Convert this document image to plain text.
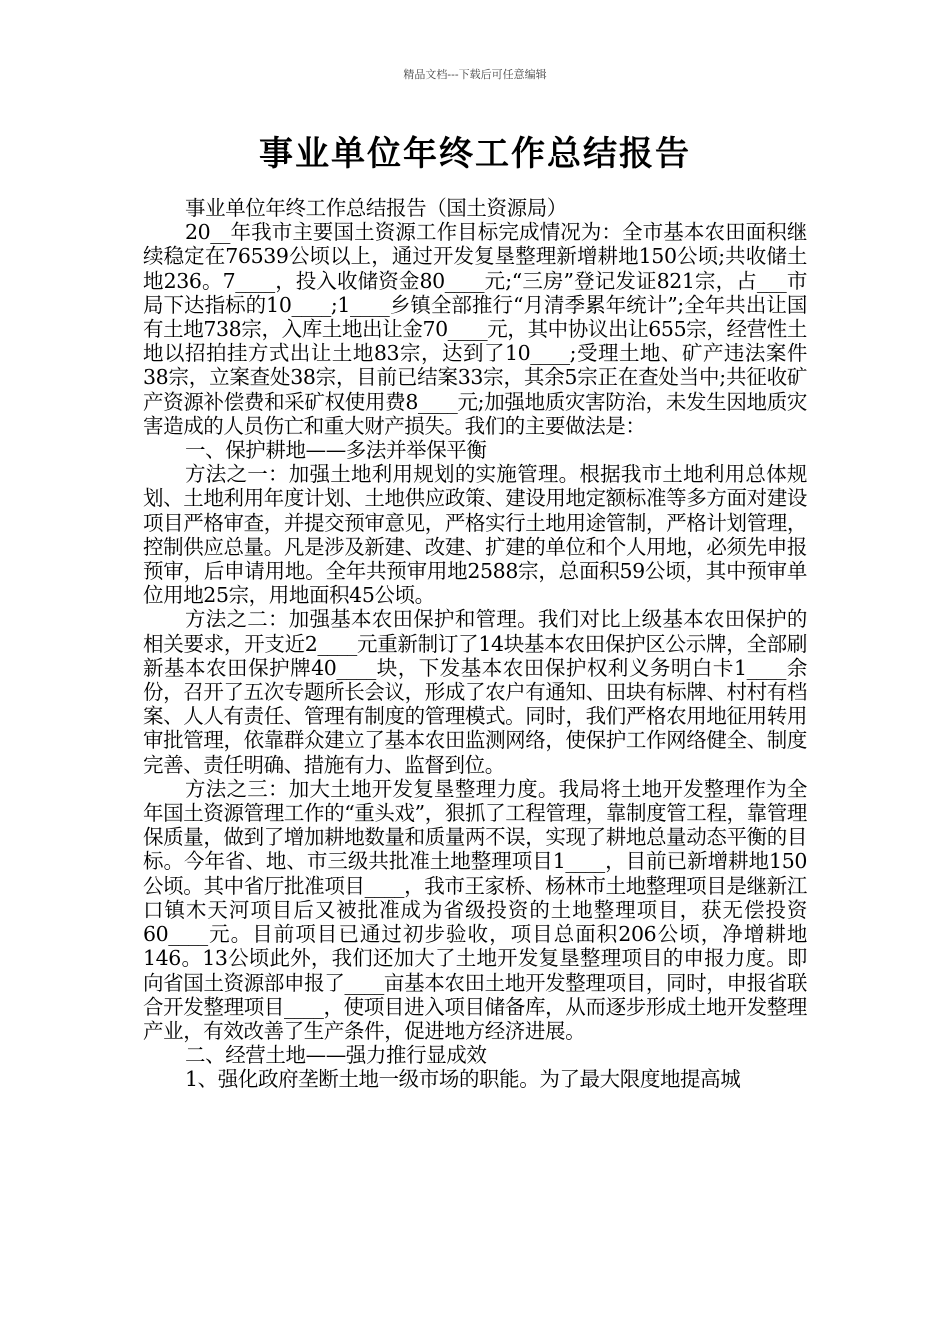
精品文档---下载后可任意编辑
事业单位年终工作总结报告

事业单位年终工作总结报告（国土资源局）

20__年我市主要国土资源工作目标完成情况为：全市基本农田面积继续稳定在76539公顷以上，通过开发复垦整理新增耕地150公顷;共收储土地236。7____，投入收储资金80____元;“三房”登记发证821宗，占___市局下达指标的10____;1____乡镇全部推行“月清季累年统计”;全年共出让国有土地738宗，入库土地出让金70____元，其中协议出让655宗，经营性土地以招拍挂方式出让土地83宗，达到了10____;受理土地、矿产违法案件38宗，立案查处38宗，目前已结案33宗，其余5宗正在查处当中;共征收矿产资源补偿费和采矿权使用费8____元;加强地质灾害防治，未发生因地质灾害造成的人员伤亡和重大财产损失。我们的主要做法是：

一、保护耕地——多法并举保平衡

方法之一：加强土地利用规划的实施管理。根据我市土地利用总体规划、土地利用年度计划、土地供应政策、建设用地定额标准等多方面对建设项目严格审查，并提交预审意见，严格实行土地用途管制，严格计划管理，控制供应总量。凡是涉及新建、改建、扩建的单位和个人用地，必须先申报预审，后申请用地。全年共预审用地2588宗，总面积59公顷，其中预审单位用地25宗，用地面积45公顷。

方法之二：加强基本农田保护和管理。我们对比上级基本农田保护的相关要求，开支近2____元重新制订了14块基本农田保护区公示牌，全部刷新基本农田保护牌40____块，下发基本农田保护权利义务明白卡1____余份，召开了五次专题所长会议，形成了农户有通知、田块有标牌、村村有档案、人人有责任、管理有制度的管理模式。同时，我们严格农用地征用转用审批管理，依靠群众建立了基本农田监测网络，使保护工作网络健全、制度完善、责任明确、措施有力、监督到位。

方法之三：加大土地开发复垦整理力度。我局将土地开发整理作为全年国土资源管理工作的“重头戏”，狠抓了工程管理，靠制度管工程，靠管理保质量，做到了增加耕地数量和质量两不误，实现了耕地总量动态平衡的目标。今年省、地、市三级共批准土地整理项目1____，目前已新增耕地150公顷。其中省厅批准项目____，我市王家桥、杨林市土地整理项目是继新江口镇木天河项目后又被批准成为省级投资的土地整理项目，获无偿投资60____元。目前项目已通过初步验收，项目总面积206公顷，净增耕地146。13公顷此外，我们还加大了土地开发复垦整理项目的申报力度。即向省国土资源部申报了____亩基本农田土地开发整理项目，同时，申报省联合开发整理项目____，使项目进入项目储备库，从而逐步形成土地开发整理产业，有效改善了生产条件，促进地方经济进展。

二、经营土地——强力推行显成效

1、强化政府垄断土地一级市场的职能。为了最大限度地提高城
